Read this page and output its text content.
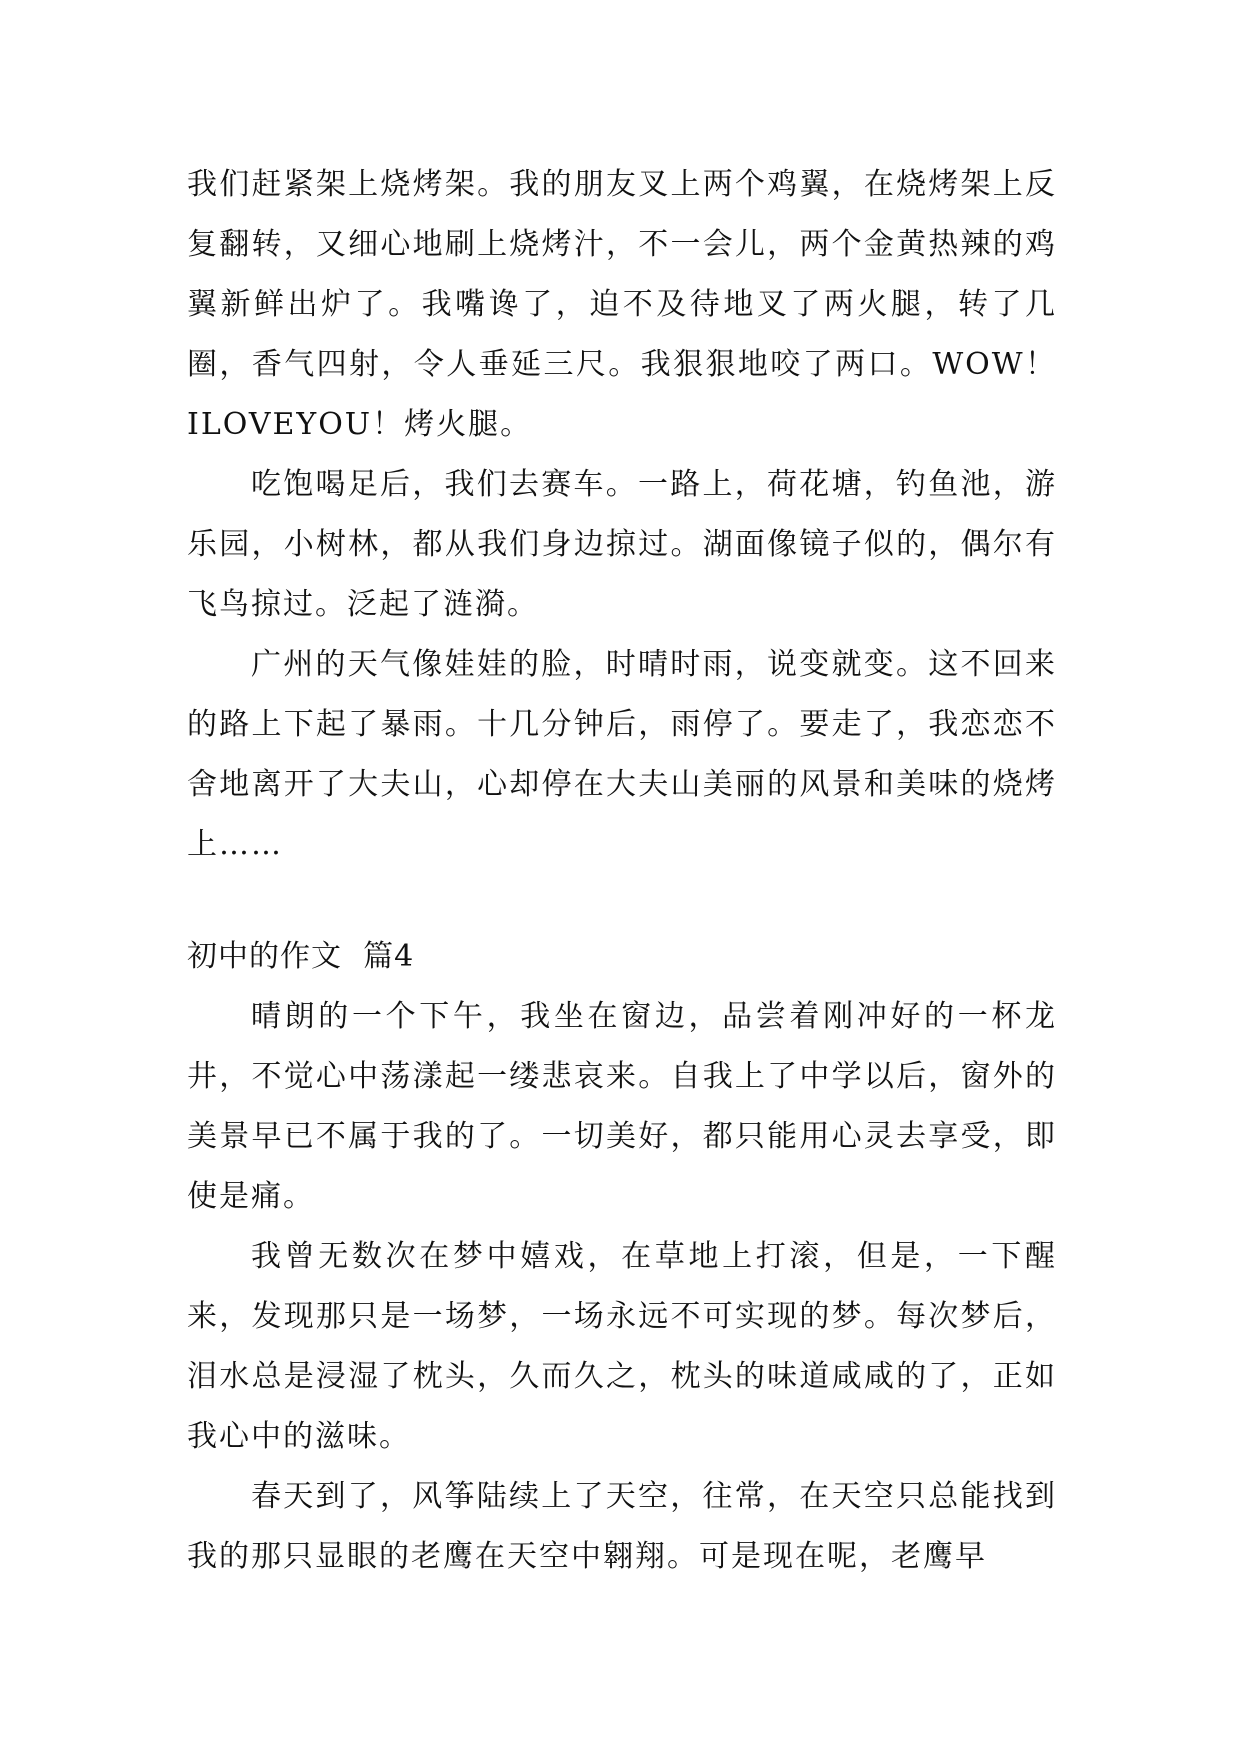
我们赶紧架上烧烤架。我的朋友叉上两个鸡翼，在烧烤架上反复翻转，又细心地刷上烧烤汁，不一会儿，两个金黄热辣的鸡翼新鲜出炉了。我嘴谗了，迫不及待地叉了两火腿，转了几圈，香气四射，令人垂延三尺。我狠狠地咬了两口。WOW！ILOVEYOU！烤火腿。

吃饱喝足后，我们去赛车。一路上，荷花塘，钓鱼池，游乐园，小树林，都从我们身边掠过。湖面像镜子似的，偶尔有飞鸟掠过。泛起了涟漪。

广州的天气像娃娃的脸，时晴时雨，说变就变。这不回来的路上下起了暴雨。十几分钟后，雨停了。要走了，我恋恋不舍地离开了大夫山，心却停在大夫山美丽的风景和美味的烧烤上……

初中的作文  篇4

晴朗的一个下午，我坐在窗边，品尝着刚冲好的一杯龙井，不觉心中荡漾起一缕悲哀来。自我上了中学以后，窗外的美景早已不属于我的了。一切美好，都只能用心灵去享受，即使是痛。

我曾无数次在梦中嬉戏，在草地上打滚，但是，一下醒来，发现那只是一场梦，一场永远不可实现的梦。每次梦后，泪水总是浸湿了枕头，久而久之，枕头的味道咸咸的了，正如我心中的滋味。

春天到了，风筝陆续上了天空，往常，在天空只总能找到我的那只显眼的老鹰在天空中翱翔。可是现在呢，老鹰早
